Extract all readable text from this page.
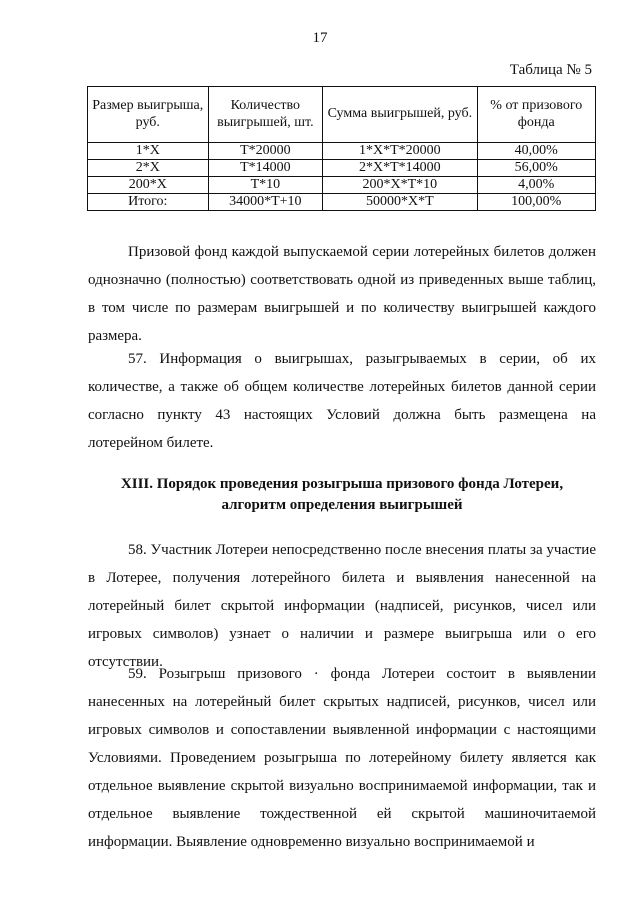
17
Таблица № 5
Размер выигрыша, руб.	Количество выигрышей, шт.	Сумма выигрышей, руб.	% от призового фонда
1*X	T*20000	1*X*T*20000	40,00%
2*X	T*14000	2*X*T*14000	56,00%
200*X	T*10	200*X*T*10	4,00%
Итого:	34000*T+10	50000*X*T	100,00%

Призовой фонд каждой выпускаемой серии лотерейных билетов должен однозначно (полностью) соответствовать одной из приведенных выше таблиц, в том числе по размерам выигрышей и по количеству выигрышей каждого размера.

57. Информация о выигрышах, разыгрываемых в серии, об их количестве, а также об общем количестве лотерейных билетов данной серии согласно пункту 43 настоящих Условий должна быть размещена на лотерейном билете.

XIII. Порядок проведения розыгрыша призового фонда Лотереи,
алгоритм определения выигрышей

58. Участник Лотереи непосредственно после внесения платы за участие в Лотерее, получения лотерейного билета и выявления нанесенной на лотерейный билет скрытой информации (надписей, рисунков, чисел или игровых символов) узнает о наличии и размере выигрыша или о его отсутствии.

59. Розыгрыш призового · фонда Лотереи состоит в выявлении нанесенных на лотерейный билет скрытых надписей, рисунков, чисел или игровых символов и сопоставлении выявленной информации с настоящими Условиями. Проведением розыгрыша по лотерейному билету является как отдельное выявление скрытой визуально воспринимаемой информации, так и отдельное выявление тождественной ей скрытой машиночитаемой информации. Выявление одновременно визуально воспринимаемой и
